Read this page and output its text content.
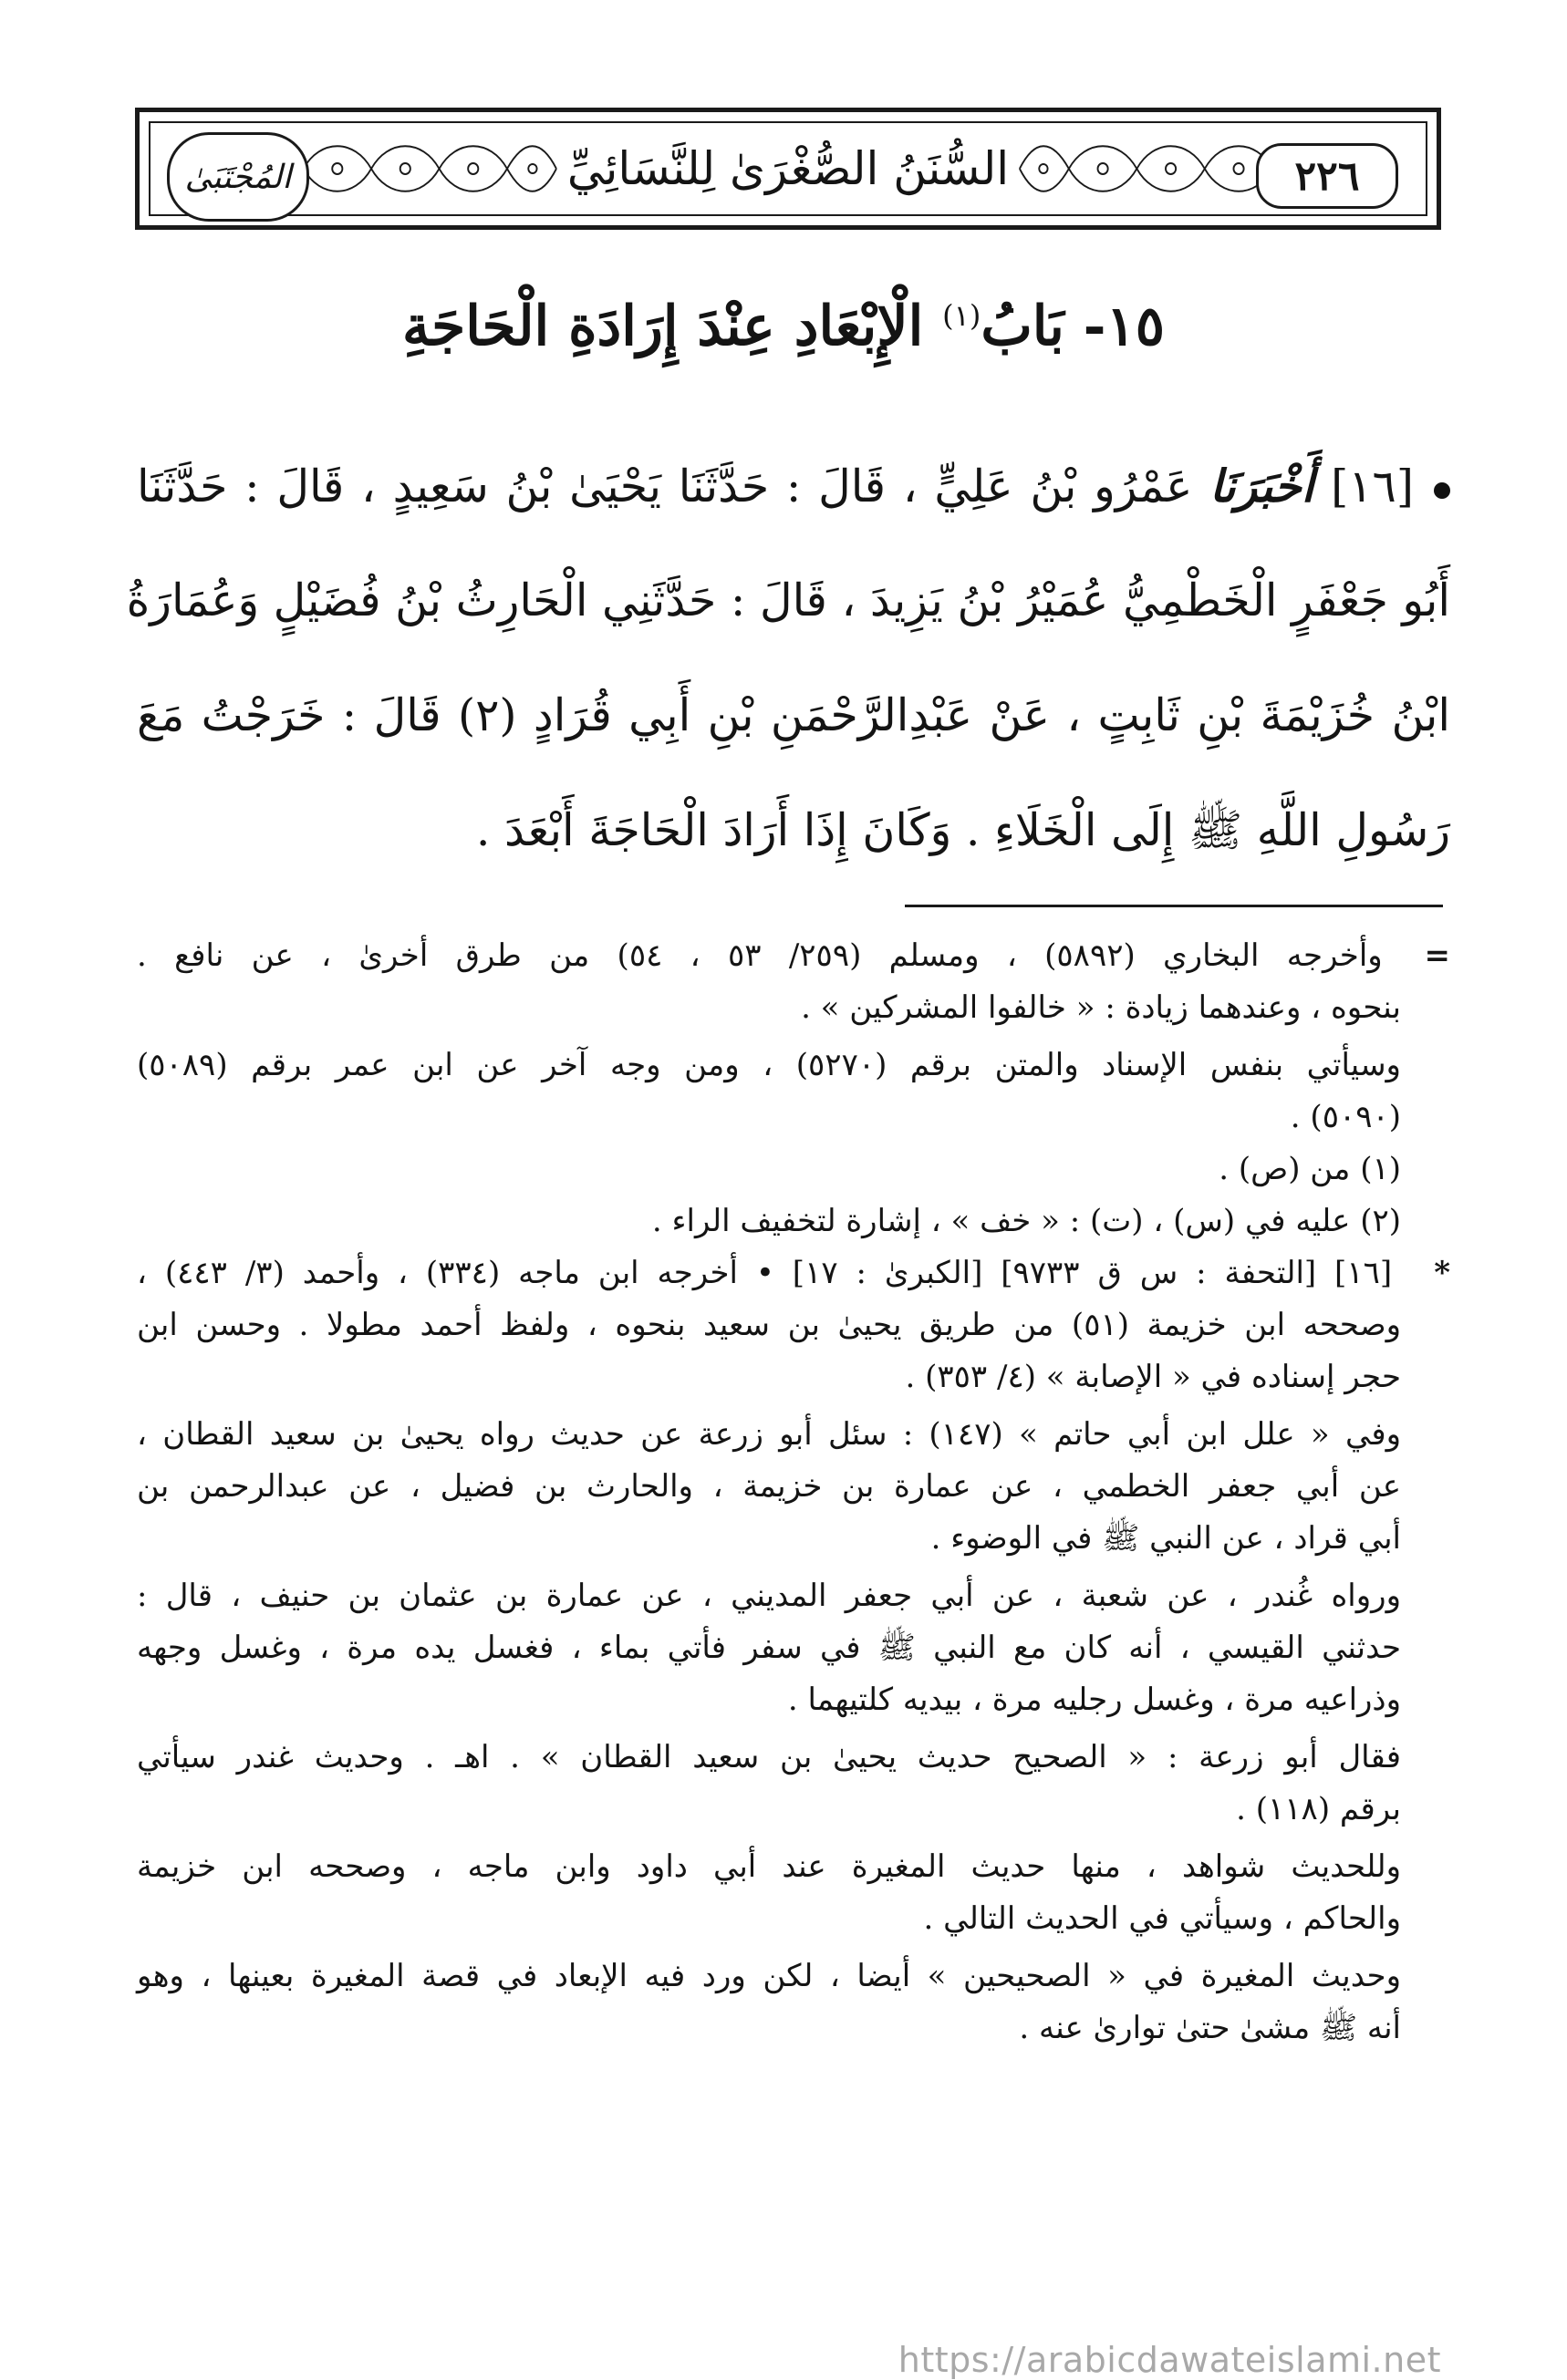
السُّنَنُ الصُّغْرَىٰ لِلنَّسَائِيِّ
المُجْتَبَىٰ	٢٢٦
١٥- بَابُ$^{(١)}$ الْإِبْعَادِ عِنْدَ إِرَادَةِ الْحَاجَةِ
[١٦] أَخْبَرَنَا عَمْرُو بْنُ عَلِيٍّ ، قَالَ : حَدَّثَنَا يَحْيَىٰ بْنُ سَعِيدٍ ، قَالَ : حَدَّثَنَا
أَبُو جَعْفَرٍ الْخَطْمِيُّ عُمَيْرُ بْنُ يَزِيدَ ، قَالَ : حَدَّثَنِي الْحَارِثُ بْنُ فُضَيْلٍ وَعُمَارَةُ
ابْنُ خُزَيْمَةَ بْنِ ثَابِتٍ ، عَنْ عَبْدِالرَّحْمَنِ بْنِ أَبِي قُرَادٍ (٢) قَالَ : خَرَجْتُ مَعَ
رَسُولِ اللَّهِ ﷺ إِلَى الْخَلَاءِ . وَكَانَ إِذَا أَرَادَ الْحَاجَةَ أَبْعَدَ .
= وأخرجه البخاري (٥٨٩٢) ، ومسلم (٢٥٩/ ٥٣ ، ٥٤) من طرق أخرىٰ ، عن نافع .
بنحوه ، وعندهما زيادة : « خالفوا المشركين » .
وسيأتي بنفس الإسناد والمتن برقم (٥٢٧٠) ، ومن وجه آخر عن ابن عمر برقم (٥٠٨٩)
(٥٠٩٠) .
(١) من (ص) .
(٢) عليه في (س) ، (ت) : « خف » ، إشارة لتخفيف الراء .
* [١٦] [التحفة : س ق ٩٧٣٣] [الكبرىٰ : ١٧] • أخرجه ابن ماجه (٣٣٤) ، وأحمد (٣/ ٤٤٣) ،
وصححه ابن خزيمة (٥١) من طريق يحيىٰ بن سعيد بنحوه ، ولفظ أحمد مطولا . وحسن ابن
حجر إسناده في « الإصابة » (٤/ ٣٥٣) .
وفي « علل ابن أبي حاتم » (١٤٧) : سئل أبو زرعة عن حديث رواه يحيىٰ بن سعيد القطان ،
عن أبي جعفر الخطمي ، عن عمارة بن خزيمة ، والحارث بن فضيل ، عن عبدالرحمن بن
أبي قراد ، عن النبي ﷺ في الوضوء .
ورواه غُندر ، عن شعبة ، عن أبي جعفر المديني ، عن عمارة بن عثمان بن حنيف ، قال :
حدثني القيسي ، أنه كان مع النبي ﷺ في سفر فأتي بماء ، فغسل يده مرة ، وغسل وجهه
وذراعيه مرة ، وغسل رجليه مرة ، بيديه كلتيهما .
فقال أبو زرعة : « الصحيح حديث يحيىٰ بن سعيد القطان » . اهـ . وحديث غندر سيأتي
برقم (١١٨) .
وللحديث شواهد ، منها حديث المغيرة عند أبي داود وابن ماجه ، وصححه ابن خزيمة
والحاكم ، وسيأتي في الحديث التالي .
وحديث المغيرة في « الصحيحين » أيضا ، لكن ورد فيه الإبعاد في قصة المغيرة بعينها ، وهو
أنه ﷺ مشىٰ حتىٰ توارىٰ عنه .
https://arabicdawateislami.net
